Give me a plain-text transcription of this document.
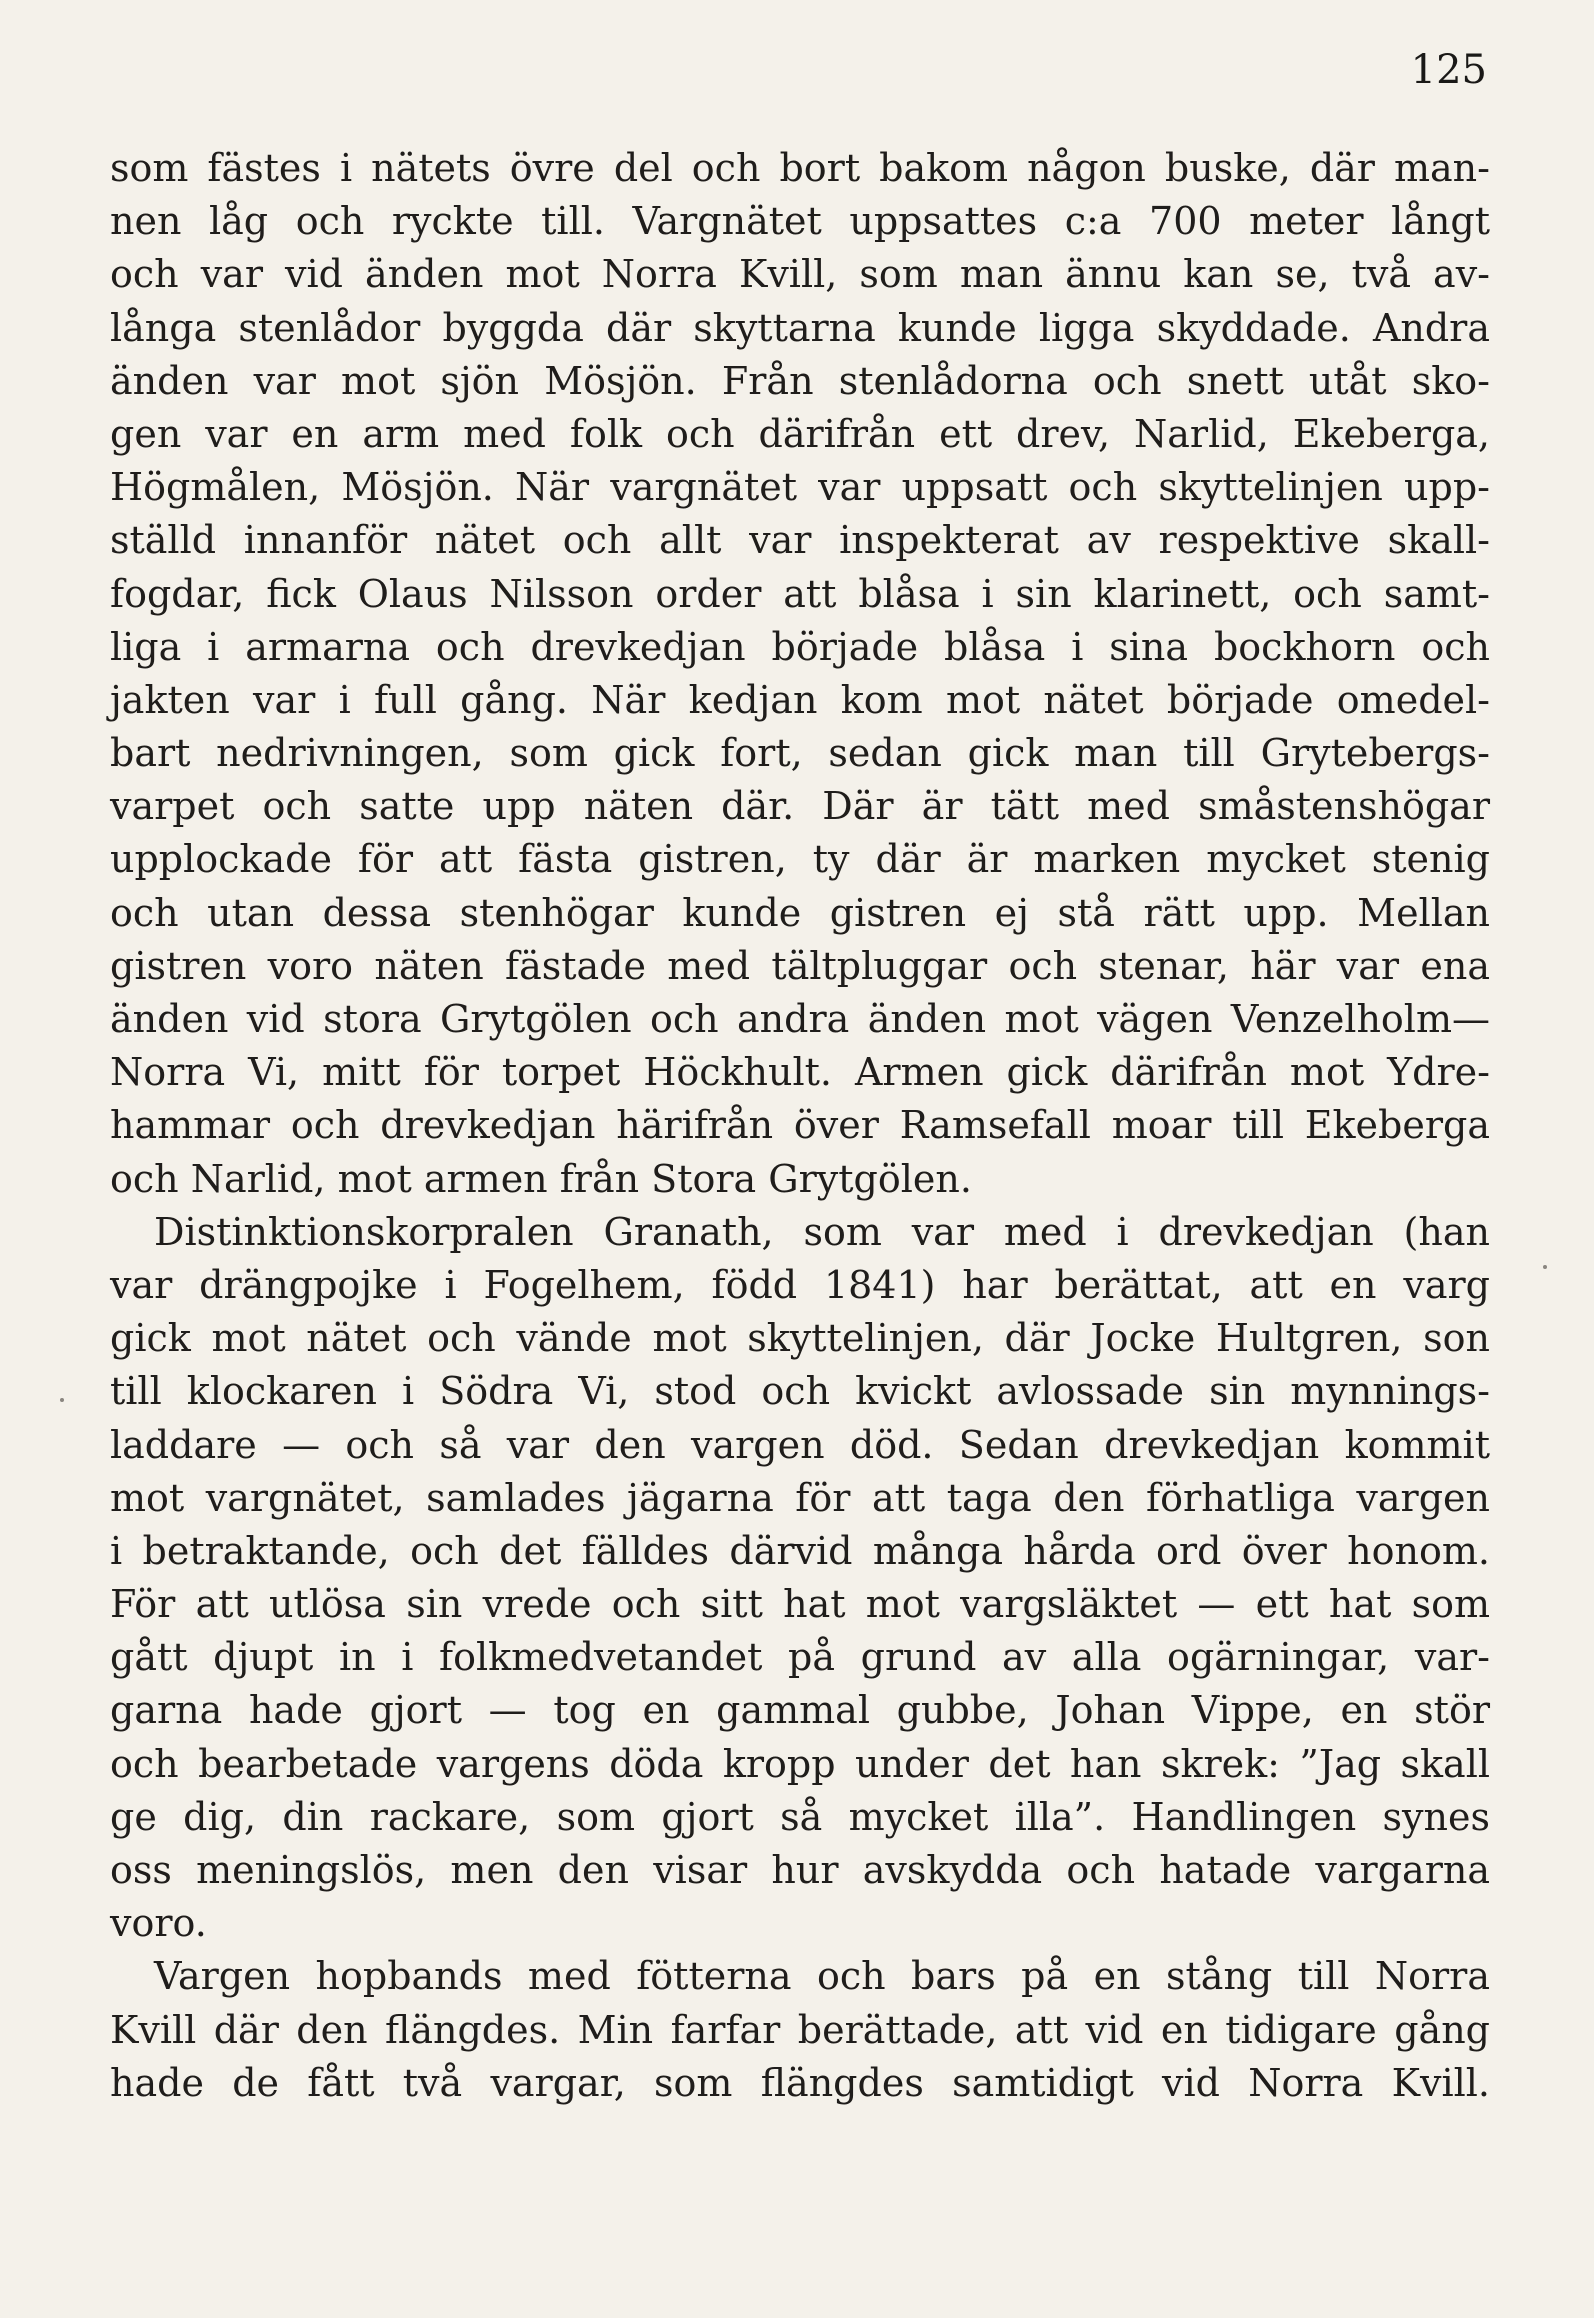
125

som fästes i nätets övre del och bort bakom någon buske, där man-
nen låg och ryckte till. Vargnätet uppsattes c:a 700 meter långt
och var vid änden mot Norra Kvill, som man ännu kan se, två av-
långa stenlådor byggda där skyttarna kunde ligga skyddade. Andra
änden var mot sjön Mösjön. Från stenlådorna och snett utåt sko-
gen var en arm med folk och därifrån ett drev, Narlid, Ekeberga,
Högmålen, Mösjön. När vargnätet var uppsatt och skyttelinjen upp-
ställd innanför nätet och allt var inspekterat av respektive skall-
fogdar, fick Olaus Nilsson order att blåsa i sin klarinett, och samt-
liga i armarna och drevkedjan började blåsa i sina bockhorn och
jakten var i full gång. När kedjan kom mot nätet började omedel-
bart nedrivningen, som gick fort, sedan gick man till Grytebergs-
varpet och satte upp näten där. Där är tätt med småstenshögar
upplockade för att fästa gistren, ty där är marken mycket stenig
och utan dessa stenhögar kunde gistren ej stå rätt upp. Mellan
gistren voro näten fästade med tältpluggar och stenar, här var ena
änden vid stora Grytgölen och andra änden mot vägen Venzelholm—
Norra Vi, mitt för torpet Höckhult. Armen gick därifrån mot Ydre-
hammar och drevkedjan härifrån över Ramsefall moar till Ekeberga
och Narlid, mot armen från Stora Grytgölen.

Distinktionskorpralen Granath, som var med i drevkedjan (han
var drängpojke i Fogelhem, född 1841) har berättat, att en varg
gick mot nätet och vände mot skyttelinjen, där Jocke Hultgren, son
till klockaren i Södra Vi, stod och kvickt avlossade sin mynnings-
laddare — och så var den vargen död. Sedan drevkedjan kommit
mot vargnätet, samlades jägarna för att taga den förhatliga vargen
i betraktande, och det fälldes därvid många hårda ord över honom.
För att utlösa sin vrede och sitt hat mot vargsläktet — ett hat som
gått djupt in i folkmedvetandet på grund av alla ogärningar, var-
garna hade gjort — tog en gammal gubbe, Johan Vippe, en stör
och bearbetade vargens döda kropp under det han skrek: ”Jag skall
ge dig, din rackare, som gjort så mycket illa”. Handlingen synes
oss meningslös, men den visar hur avskydda och hatade vargarna
voro.

Vargen hopbands med fötterna och bars på en stång till Norra
Kvill där den flängdes. Min farfar berättade, att vid en tidigare gång
hade de fått två vargar, som flängdes samtidigt vid Norra Kvill.
